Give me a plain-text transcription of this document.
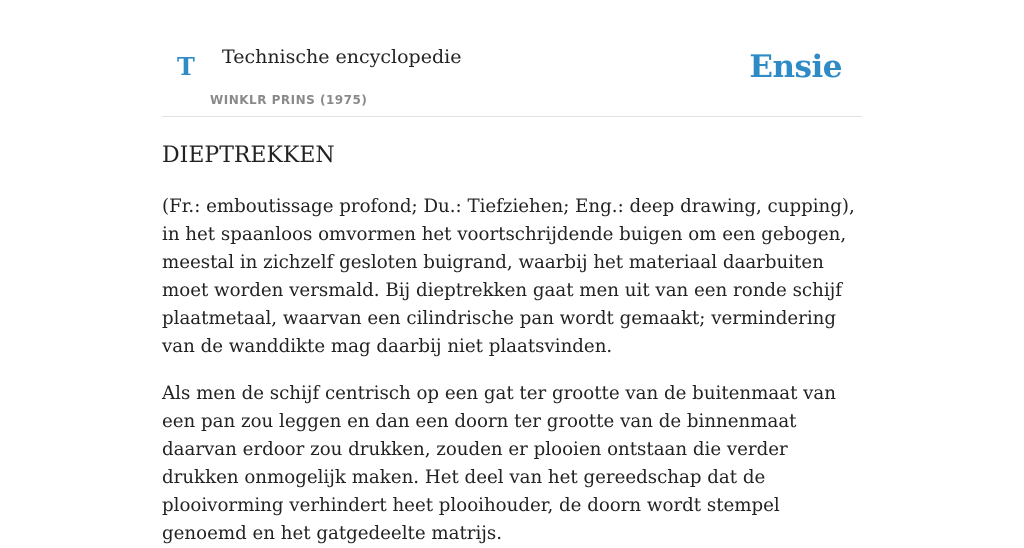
T Technische encyclopedie
WINKLR PRINS (1975)
Ensie
DIEPTREKKEN

(Fr.: emboutissage profond; Du.: Tiefziehen; Eng.: deep drawing, cupping), in het spaanloos omvormen het voortschrijdende buigen om een gebogen, meestal in zichzelf gesloten buigrand, waarbij het materiaal daarbuiten moet worden versmald. Bij dieptrekken gaat men uit van een ronde schijf plaatmetaal, waarvan een cilindrische pan wordt gemaakt; vermindering van de wanddikte mag daarbij niet plaatsvinden.

Als men de schijf centrisch op een gat ter grootte van de buitenmaat van een pan zou leggen en dan een doorn ter grootte van de binnenmaat daarvan erdoor zou drukken, zouden er plooien ontstaan die verder drukken onmogelijk maken. Het deel van het gereedschap dat de plooivorming verhindert heet plooihouder, de doorn wordt stempel genoemd en het gatgedeelte matrijs.
